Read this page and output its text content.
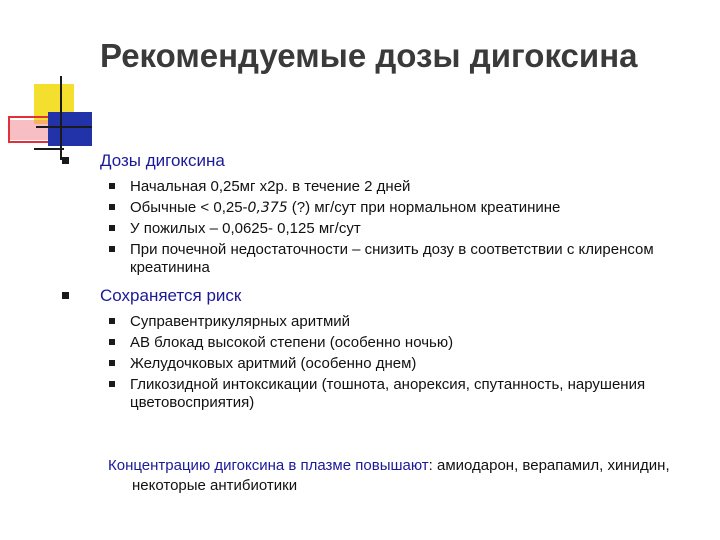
Рекомендуемые дозы дигоксина
Дозы дигоксина
Начальная 0,25мг х2р. в течение 2 дней
Обычные < 0,25-0,375 (?) мг/сут при нормальном креатинине
У пожилых – 0,0625- 0,125 мг/сут
При почечной недостаточности – снизить дозу в соответствии с клиренсом креатинина
Сохраняется риск
Суправентрикулярных аритмий
АВ блокад высокой степени (особенно ночью)
Желудочковых аритмий (особенно днем)
Гликозидной интоксикации (тошнота, анорексия, спутанность, нарушения цветовосприятия)
Концентрацию дигоксина в плазме повышают: амиодарон, верапамил, хинидин, некоторые антибиотики
